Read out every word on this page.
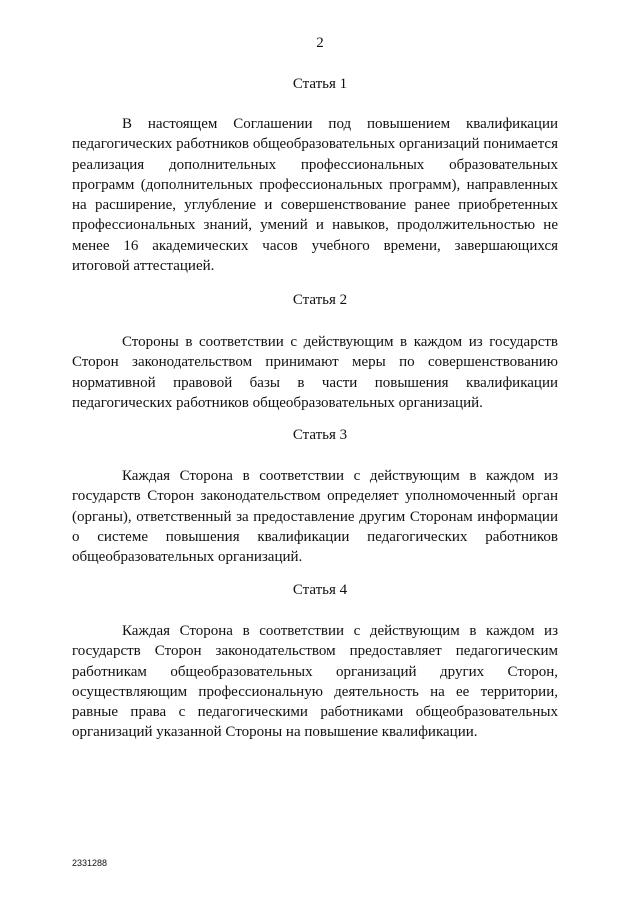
2
Статья 1
В настоящем Соглашении под повышением квалификации педагогических работников общеобразовательных организаций понимается реализация дополнительных профессиональных образовательных программ (дополнительных профессиональных программ), направленных на расширение, углубление и совершенствование ранее приобретенных профессиональных знаний, умений и навыков, продолжительностью не менее 16 академических часов учебного времени, завершающихся итоговой аттестацией.
Статья 2
Стороны в соответствии с действующим в каждом из государств Сторон законодательством принимают меры по совершенствованию нормативной правовой базы в части повышения квалификации педагогических работников общеобразовательных организаций.
Статья 3
Каждая Сторона в соответствии с действующим в каждом из государств Сторон законодательством определяет уполномоченный орган (органы), ответственный за предоставление другим Сторонам информации о системе повышения квалификации педагогических работников общеобразовательных организаций.
Статья 4
Каждая Сторона в соответствии с действующим в каждом из государств Сторон законодательством предоставляет педагогическим работникам общеобразовательных организаций других Сторон, осуществляющим профессиональную деятельность на ее территории, равные права с педагогическими работниками общеобразовательных организаций указанной Стороны на повышение квалификации.
2331288
